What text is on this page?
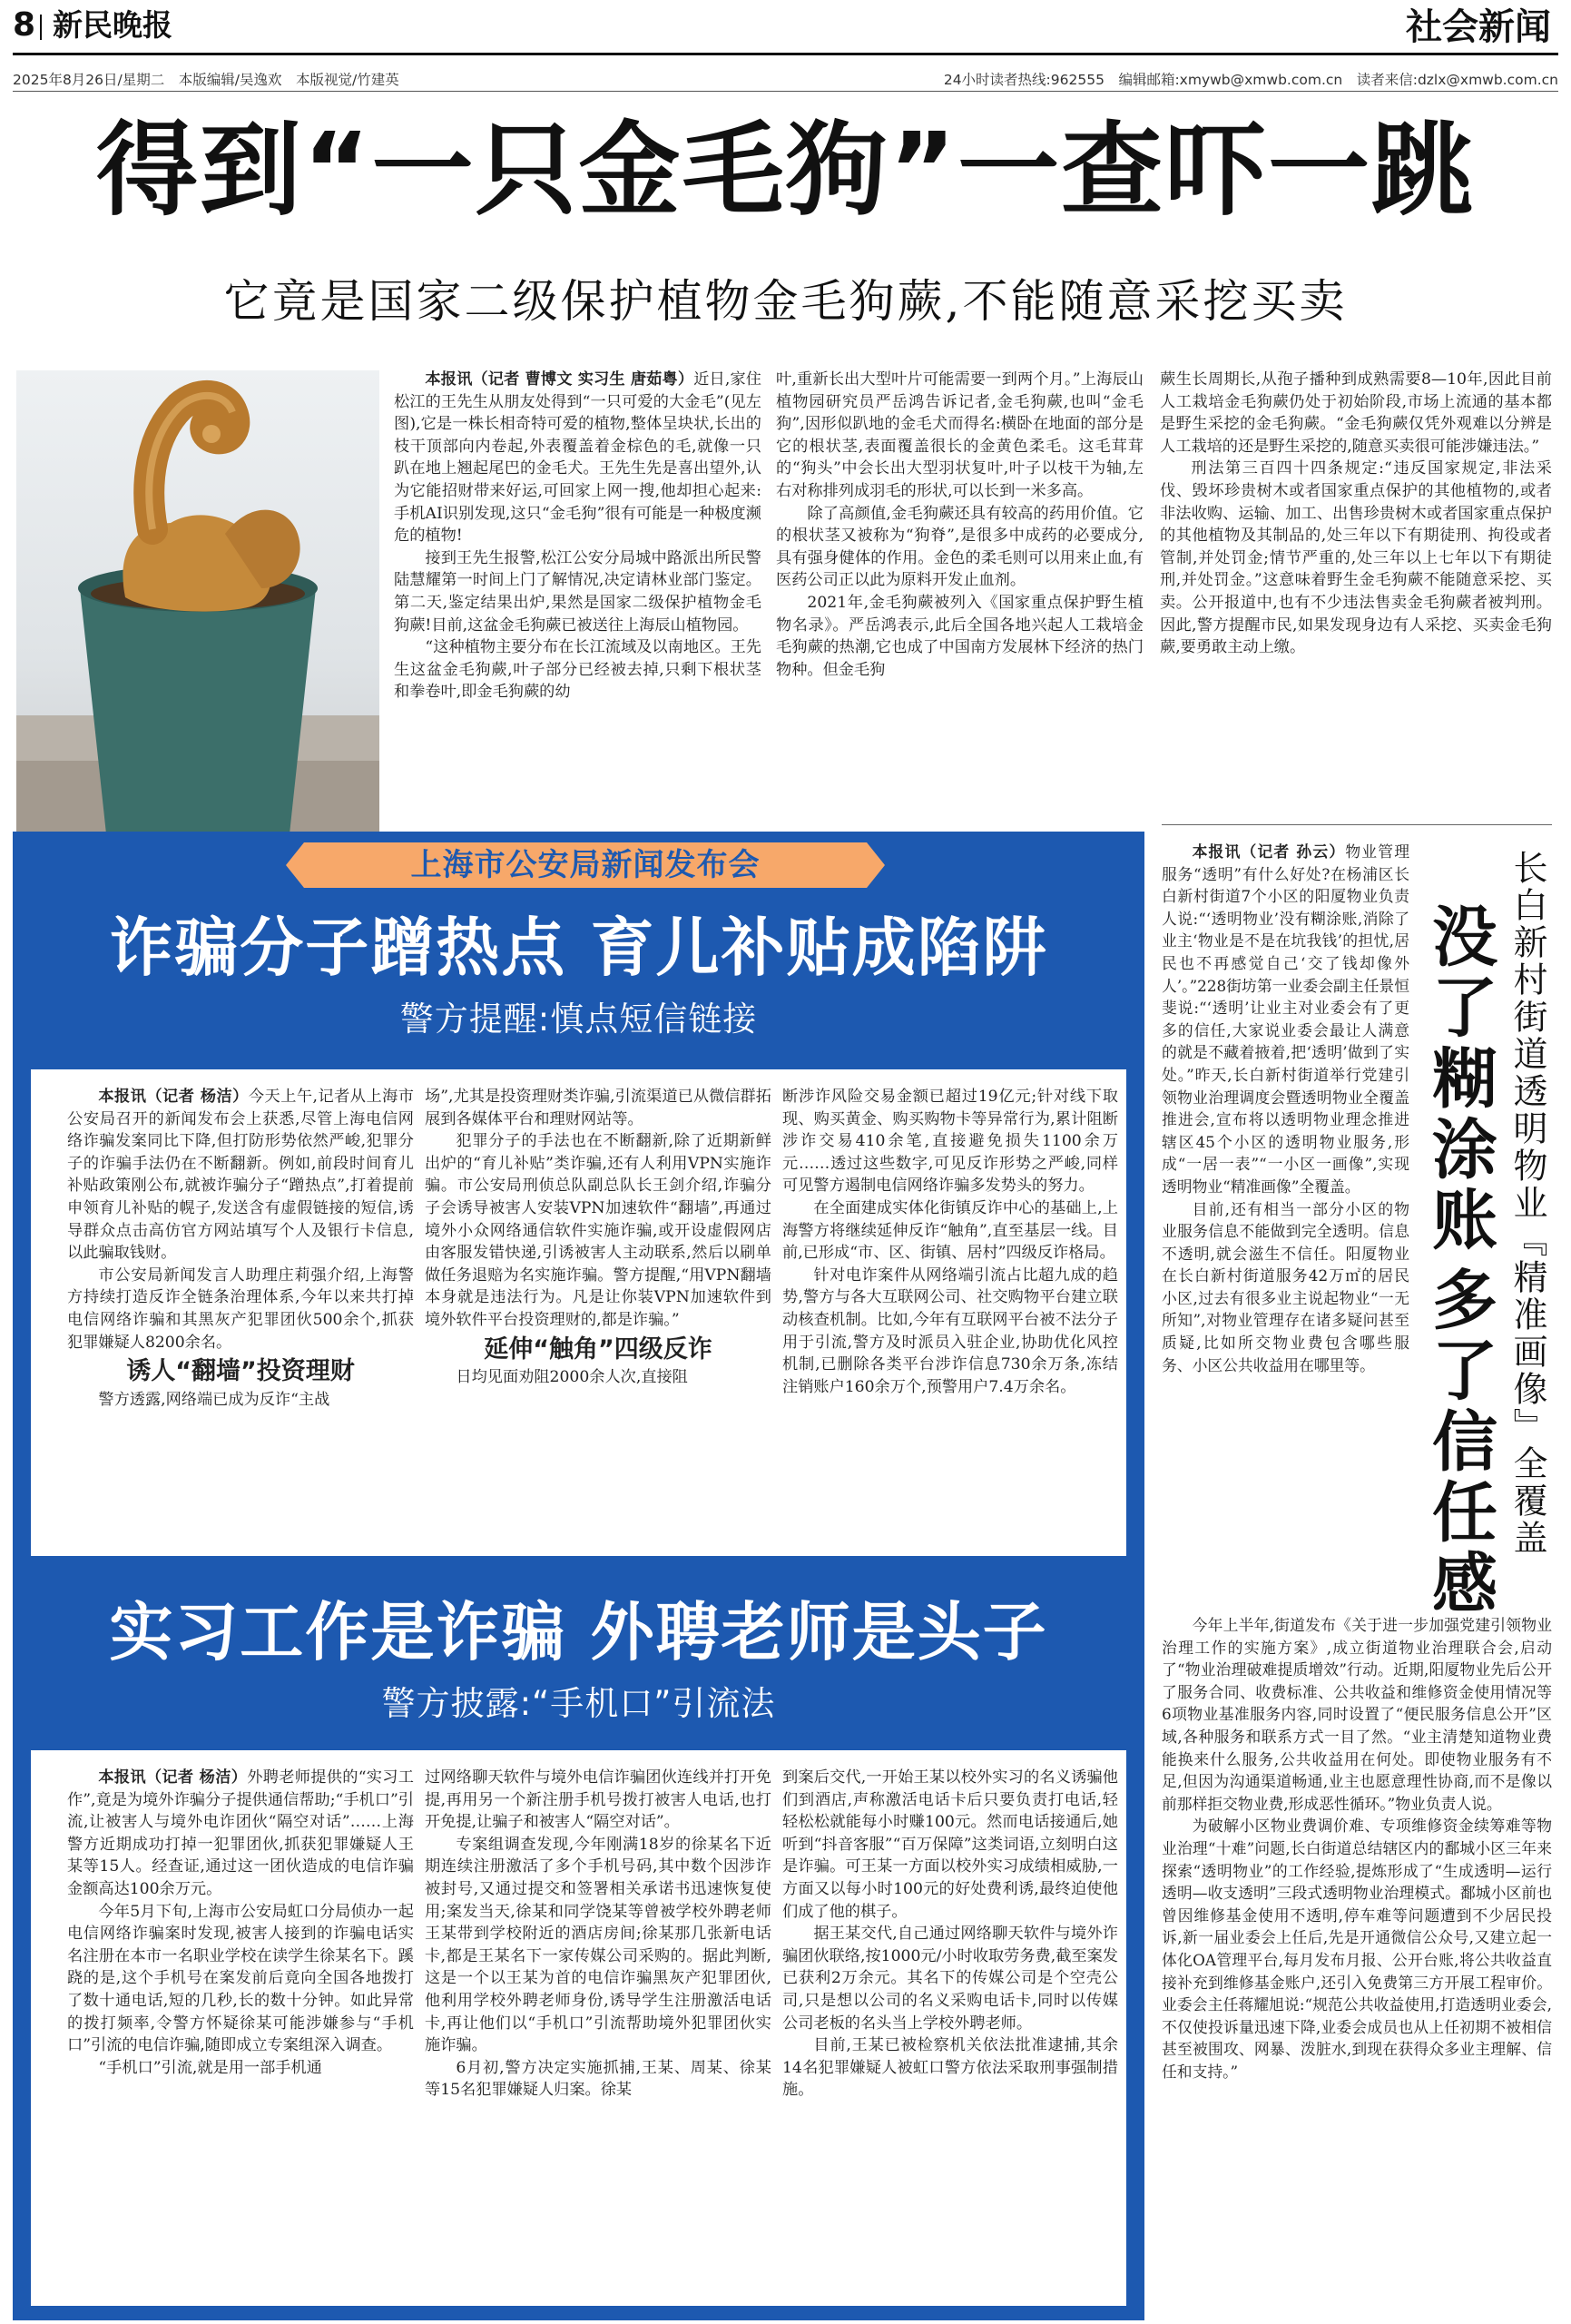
8 新民晚报	社会新闻
2025年8月26日/星期二　本版编辑/吴逸欢　本版视觉/竹建英	24小时读者热线:962555　编辑邮箱:xmywb@xmwb.com.cn　读者来信:dzlx@xmwb.com.cn
得到“一只金毛狗”一查吓一跳
它竟是国家二级保护植物金毛狗蕨,不能随意采挖买卖

本报讯（记者 曹博文 实习生 唐茹粤）近日,家住松江的王先生从朋友处得到“一只可爱的大金毛”(见左图),它是一株长相奇特可爱的植物,整体呈块状,长出的枝干顶部向内卷起,外表覆盖着金棕色的毛,就像一只趴在地上翘起尾巴的金毛犬。王先生先是喜出望外,认为它能招财带来好运,可回家上网一搜,他却担心起来:手机AI识别发现,这只“金毛狗”很有可能是一种极度濒危的植物!

接到王先生报警,松江公安分局城中路派出所民警陆慧耀第一时间上门了解情况,决定请林业部门鉴定。第二天,鉴定结果出炉,果然是国家二级保护植物金毛狗蕨!目前,这盆金毛狗蕨已被送往上海辰山植物园。

“这种植物主要分布在长江流域及以南地区。王先生这盆金毛狗蕨,叶子部分已经被去掉,只剩下根状茎和拳卷叶,即金毛狗蕨的幼

叶,重新长出大型叶片可能需要一到两个月。”上海辰山植物园研究员严岳鸿告诉记者,金毛狗蕨,也叫“金毛狗”,因形似趴地的金毛犬而得名:横卧在地面的部分是它的根状茎,表面覆盖很长的金黄色柔毛。这毛茸茸的“狗头”中会长出大型羽状复叶,叶子以枝干为轴,左右对称排列成羽毛的形状,可以长到一米多高。

除了高颜值,金毛狗蕨还具有较高的药用价值。它的根状茎又被称为“狗脊”,是很多中成药的必要成分,具有强身健体的作用。金色的柔毛则可以用来止血,有医药公司正以此为原料开发止血剂。

2021年,金毛狗蕨被列入《国家重点保护野生植物名录》。严岳鸿表示,此后全国各地兴起人工栽培金毛狗蕨的热潮,它也成了中国南方发展林下经济的热门物种。但金毛狗

蕨生长周期长,从孢子播种到成熟需要8—10年,因此目前人工栽培金毛狗蕨仍处于初始阶段,市场上流通的基本都是野生采挖的金毛狗蕨。“金毛狗蕨仅凭外观难以分辨是人工栽培的还是野生采挖的,随意买卖很可能涉嫌违法。”

刑法第三百四十四条规定:“违反国家规定,非法采伐、毁坏珍贵树木或者国家重点保护的其他植物的,或者非法收购、运输、加工、出售珍贵树木或者国家重点保护的其他植物及其制品的,处三年以下有期徒刑、拘役或者管制,并处罚金;情节严重的,处三年以上七年以下有期徒刑,并处罚金。”这意味着野生金毛狗蕨不能随意采挖、买卖。公开报道中,也有不少违法售卖金毛狗蕨者被判刑。因此,警方提醒市民,如果发现身边有人采挖、买卖金毛狗蕨,要勇敢主动上缴。

上海市公安局新闻发布会
诈骗分子蹭热点 育儿补贴成陷阱
警方提醒:慎点短信链接

本报讯（记者 杨洁）今天上午,记者从上海市公安局召开的新闻发布会上获悉,尽管上海电信网络诈骗发案同比下降,但打防形势依然严峻,犯罪分子的诈骗手法仍在不断翻新。例如,前段时间育儿补贴政策刚公布,就被诈骗分子“蹭热点”,打着提前申领育儿补贴的幌子,发送含有虚假链接的短信,诱导群众点击高仿官方网站填写个人及银行卡信息,以此骗取钱财。

市公安局新闻发言人助理庄莉强介绍,上海警方持续打造反诈全链条治理体系,今年以来共打掉电信网络诈骗和其黑灰产犯罪团伙500余个,抓获犯罪嫌疑人8200余名。

诱人“翻墙”投资理财

警方透露,网络端已成为反诈“主战

场”,尤其是投资理财类诈骗,引流渠道已从微信群拓展到各媒体平台和理财网站等。

犯罪分子的手法也在不断翻新,除了近期新鲜出炉的“育儿补贴”类诈骗,还有人利用VPN实施诈骗。市公安局刑侦总队副总队长王剑介绍,诈骗分子会诱导被害人安装VPN加速软件“翻墙”,再通过境外小众网络通信软件实施诈骗,或开设虚假网店由客服发错快递,引诱被害人主动联系,然后以刷单做任务退赔为名实施诈骗。警方提醒,“用VPN翻墙本身就是违法行为。凡是让你装VPN加速软件到境外软件平台投资理财的,都是诈骗。”

延伸“触角”四级反诈

日均见面劝阻2000余人次,直接阻

断涉诈风险交易金额已超过19亿元;针对线下取现、购买黄金、购买购物卡等异常行为,累计阻断涉诈交易410余笔,直接避免损失1100余万元……透过这些数字,可见反诈形势之严峻,同样可见警方遏制电信网络诈骗多发势头的努力。

在全面建成实体化街镇反诈中心的基础上,上海警方将继续延伸反诈“触角”,直至基层一线。目前,已形成“市、区、街镇、居村”四级反诈格局。

针对电诈案件从网络端引流占比超九成的趋势,警方与各大互联网公司、社交购物平台建立联动核查机制。比如,今年有互联网平台被不法分子用于引流,警方及时派员入驻企业,协助优化风控机制,已删除各类平台涉诈信息730余万条,冻结注销账户160余万个,预警用户7.4万余名。

实习工作是诈骗 外聘老师是头子
警方披露:“手机口”引流法

本报讯（记者 杨洁）外聘老师提供的“实习工作”,竟是为境外诈骗分子提供通信帮助;“手机口”引流,让被害人与境外电诈团伙“隔空对话”……上海警方近期成功打掉一犯罪团伙,抓获犯罪嫌疑人王某等15人。经查证,通过这一团伙造成的电信诈骗金额高达100余万元。

今年5月下旬,上海市公安局虹口分局侦办一起电信网络诈骗案时发现,被害人接到的诈骗电话实名注册在本市一名职业学校在读学生徐某名下。蹊跷的是,这个手机号在案发前后竟向全国各地拨打了数十通电话,短的几秒,长的数十分钟。如此异常的拨打频率,令警方怀疑徐某可能涉嫌参与“手机口”引流的电信诈骗,随即成立专案组深入调查。

“手机口”引流,就是用一部手机通

过网络聊天软件与境外电信诈骗团伙连线并打开免提,再用另一个新注册手机号拨打被害人电话,也打开免提,让骗子和被害人“隔空对话”。

专案组调查发现,今年刚满18岁的徐某名下近期连续注册激活了多个手机号码,其中数个因涉诈被封号,又通过提交和签署相关承诺书迅速恢复使用;案发当天,徐某和同学饶某等曾被学校外聘老师王某带到学校附近的酒店房间;徐某那几张新电话卡,都是王某名下一家传媒公司采购的。据此判断,这是一个以王某为首的电信诈骗黑灰产犯罪团伙,他利用学校外聘老师身份,诱导学生注册激活电话卡,再让他们以“手机口”引流帮助境外犯罪团伙实施诈骗。

6月初,警方决定实施抓捕,王某、周某、徐某等15名犯罪嫌疑人归案。徐某

到案后交代,一开始王某以校外实习的名义诱骗他们到酒店,声称激活电话卡后只要负责打电话,轻轻松松就能每小时赚100元。然而电话接通后,她听到“抖音客服”“百万保障”这类词语,立刻明白这是诈骗。可王某一方面以校外实习成绩相威胁,一方面又以每小时100元的好处费利诱,最终迫使他们成了他的棋子。

据王某交代,自己通过网络聊天软件与境外诈骗团伙联络,按1000元/小时收取劳务费,截至案发已获利2万余元。其名下的传媒公司是个空壳公司,只是想以公司的名义采购电话卡,同时以传媒公司老板的名头当上学校外聘老师。

目前,王某已被检察机关依法批准逮捕,其余14名犯罪嫌疑人被虹口警方依法采取刑事强制措施。

本报讯（记者 孙云）物业管理服务“透明”有什么好处?在杨浦区长白新村街道7个小区的阳厦物业负责人说:“‘透明物业’没有糊涂账,消除了业主‘物业是不是在坑我钱’的担忧,居民也不再感觉自己‘交了钱却像外人’。”228街坊第一业委会副主任景恒斐说:“‘透明’让业主对业委会有了更多的信任,大家说业委会最让人满意的就是不藏着掖着,把‘透明’做到了实处。”昨天,长白新村街道举行党建引领物业治理调度会暨透明物业全覆盖推进会,宣布将以透明物业理念推进辖区45个小区的透明物业服务,形成“一居一表”“一小区一画像”,实现透明物业“精准画像”全覆盖。

目前,还有相当一部分小区的物业服务信息不能做到完全透明。信息不透明,就会滋生不信任。阳厦物业在长白新村街道服务42万㎡的居民小区,过去有很多业主说起物业“一无所知”,对物业管理存在诸多疑问甚至质疑,比如所交物业费包含哪些服务、小区公共收益用在哪里等。	长白新村街道透明物业『精准画像』全覆盖
没了糊涂账
多了信任感

今年上半年,街道发布《关于进一步加强党建引领物业治理工作的实施方案》,成立街道物业治理联合会,启动了“物业治理破难提质增效”行动。近期,阳厦物业先后公开了服务合同、收费标准、公共收益和维修资金使用情况等6项物业基准服务内容,同时设置了“便民服务信息公开”区域,各种服务和联系方式一目了然。“业主清楚知道物业费能换来什么服务,公共收益用在何处。即使物业服务有不足,但因为沟通渠道畅通,业主也愿意理性协商,而不是像以前那样拒交物业费,形成恶性循环。”物业负责人说。

为破解小区物业费调价难、专项维修资金续筹难等物业治理“十难”问题,长白街道总结辖区内的鄱城小区三年来探索“透明物业”的工作经验,提炼形成了“生成透明—运行透明—收支透明”三段式透明物业治理模式。鄱城小区前也曾因维修基金使用不透明,停车难等问题遭到不少居民投诉,新一届业委会上任后,先是开通微信公众号,又建立起一体化OA管理平台,每月发布月报、公开台账,将公共收益直接补充到维修基金账户,还引入免费第三方开展工程审价。业委会主任蒋耀旭说:“规范公共收益使用,打造透明业委会,不仅使投诉量迅速下降,业委会成员也从上任初期不被相信甚至被围攻、网暴、泼脏水,到现在获得众多业主理解、信任和支持。”
